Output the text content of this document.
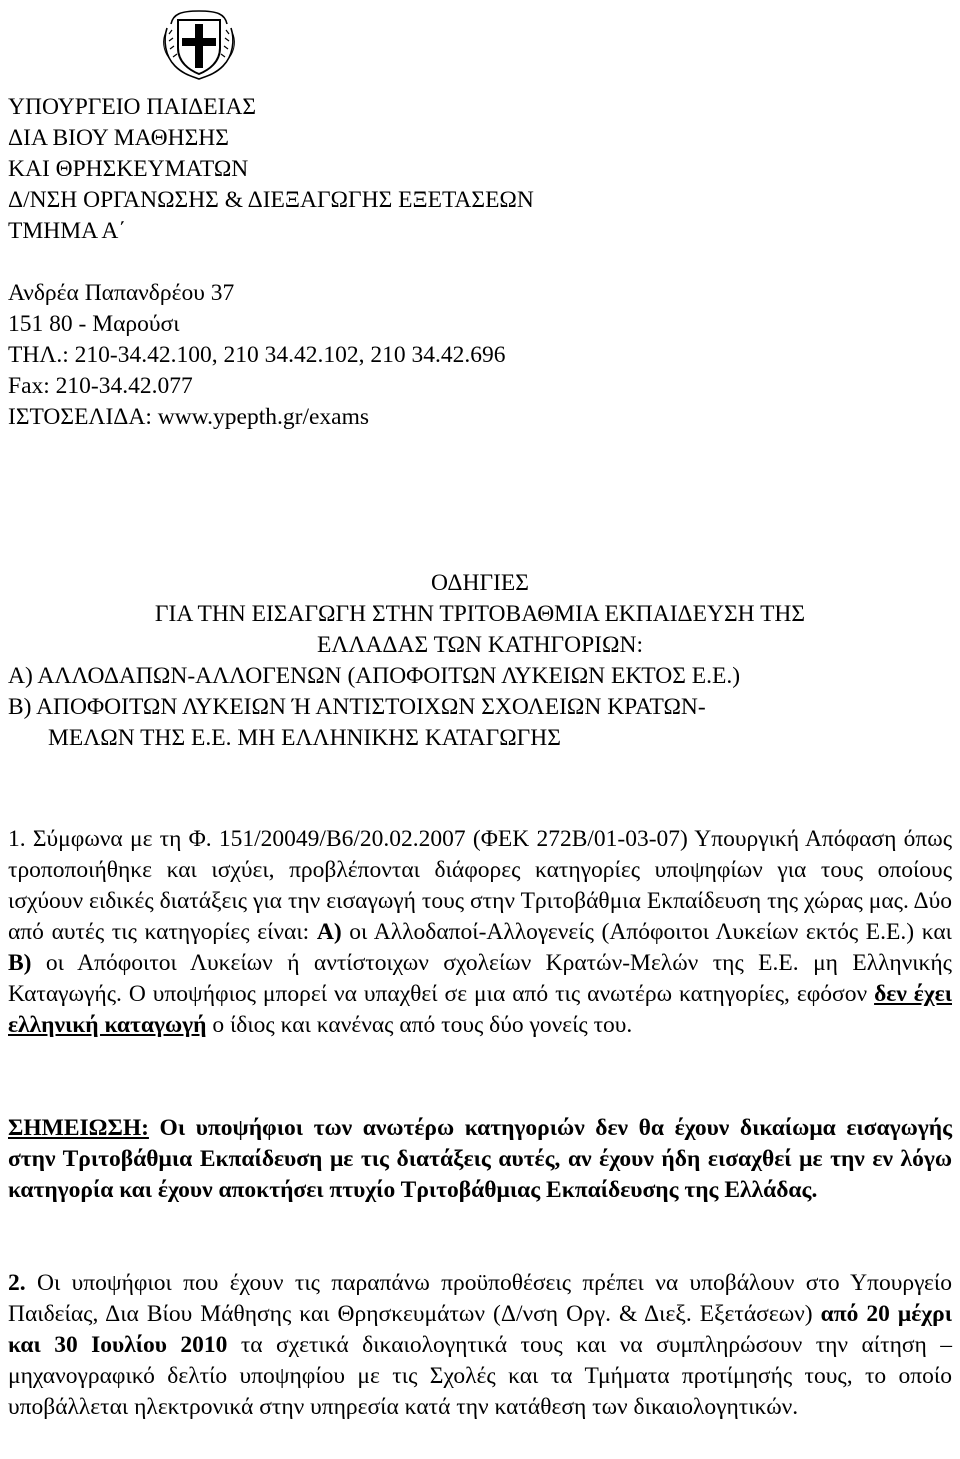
ΥΠΟΥΡΓΕΙΟ ΠΑΙΔΕΙΑΣ
ΔΙΑ ΒΙΟΥ ΜΑΘΗΣΗΣ
ΚΑΙ ΘΡΗΣΚΕΥΜΑΤΩΝ
Δ/ΝΣΗ ΟΡΓΑΝΩΣΗΣ & ΔΙΕΞΑΓΩΓΗΣ ΕΞΕΤΑΣΕΩΝ
ΤΜΗΜΑ Α΄
Ανδρέα Παπανδρέου 37
151 80 - Μαρούσι
ΤΗΛ.: 210-34.42.100, 210 34.42.102, 210 34.42.696
Fax: 210-34.42.077
ΙΣΤΟΣΕΛΙΔΑ: www.ypepth.gr/exams
ΟΔΗΓΙΕΣ
ΓΙΑ ΤΗΝ ΕΙΣΑΓΩΓΗ ΣΤΗΝ ΤΡΙΤΟΒΑΘΜΙΑ ΕΚΠΑΙΔΕΥΣΗ ΤΗΣ
ΕΛΛΑΔΑΣ ΤΩΝ ΚΑΤΗΓΟΡΙΩΝ:
Α) ΑΛΛΟΔΑΠΩΝ-ΑΛΛΟΓΕΝΩΝ (ΑΠΟΦΟΙΤΩΝ ΛΥΚΕΙΩΝ ΕΚΤΟΣ Ε.Ε.)
Β) ΑΠΟΦΟΙΤΩΝ ΛΥΚΕΙΩΝ Ή ΑΝΤΙΣΤΟΙΧΩΝ ΣΧΟΛΕΙΩΝ ΚΡΑΤΩΝ-
ΜΕΛΩΝ ΤΗΣ Ε.Ε. ΜΗ ΕΛΛΗΝΙΚΗΣ ΚΑΤΑΓΩΓΗΣ
1. Σύμφωνα με τη Φ. 151/20049/Β6/20.02.2007 (ΦΕΚ 272Β/01-03-07) Υπουργική Απόφαση όπως τροποποιήθηκε και ισχύει, προβλέπονται διάφορες κατηγορίες υποψηφίων για τους οποίους ισχύουν ειδικές διατάξεις για την εισαγωγή τους στην Τριτοβάθμια Εκπαίδευση της χώρας μας. Δύο από αυτές τις κατηγορίες είναι: Α) οι Αλλοδαποί-Αλλογενείς (Απόφοιτοι Λυκείων εκτός Ε.Ε.) και Β) οι Απόφοιτοι Λυκείων ή αντίστοιχων σχολείων Κρατών-Μελών της Ε.Ε. μη Ελληνικής Καταγωγής. Ο υποψήφιος μπορεί να υπαχθεί σε μια από τις ανωτέρω κατηγορίες, εφόσον δεν έχει ελληνική καταγωγή ο ίδιος και κανένας από τους δύο γονείς του.
ΣΗΜΕΙΩΣΗ: Οι υποψήφιοι των ανωτέρω κατηγοριών δεν θα έχουν δικαίωμα εισαγωγής στην Τριτοβάθμια Εκπαίδευση με τις διατάξεις αυτές, αν έχουν ήδη εισαχθεί με την εν λόγω κατηγορία και έχουν αποκτήσει πτυχίο Τριτοβάθμιας Εκπαίδευσης της Ελλάδας.
2. Οι υποψήφιοι που έχουν τις παραπάνω προϋποθέσεις πρέπει να υποβάλουν στο Υπουργείο Παιδείας, Δια Βίου Μάθησης και Θρησκευμάτων (Δ/νση Οργ. & Διεξ. Εξετάσεων) από 20 μέχρι και 30 Ιουλίου 2010 τα σχετικά δικαιολογητικά τους και να συμπληρώσουν την αίτηση – μηχανογραφικό δελτίο υποψηφίου με τις Σχολές και τα Τμήματα προτίμησής τους, το οποίο υποβάλλεται ηλεκτρονικά στην υπηρεσία κατά την κατάθεση των δικαιολογητικών.
